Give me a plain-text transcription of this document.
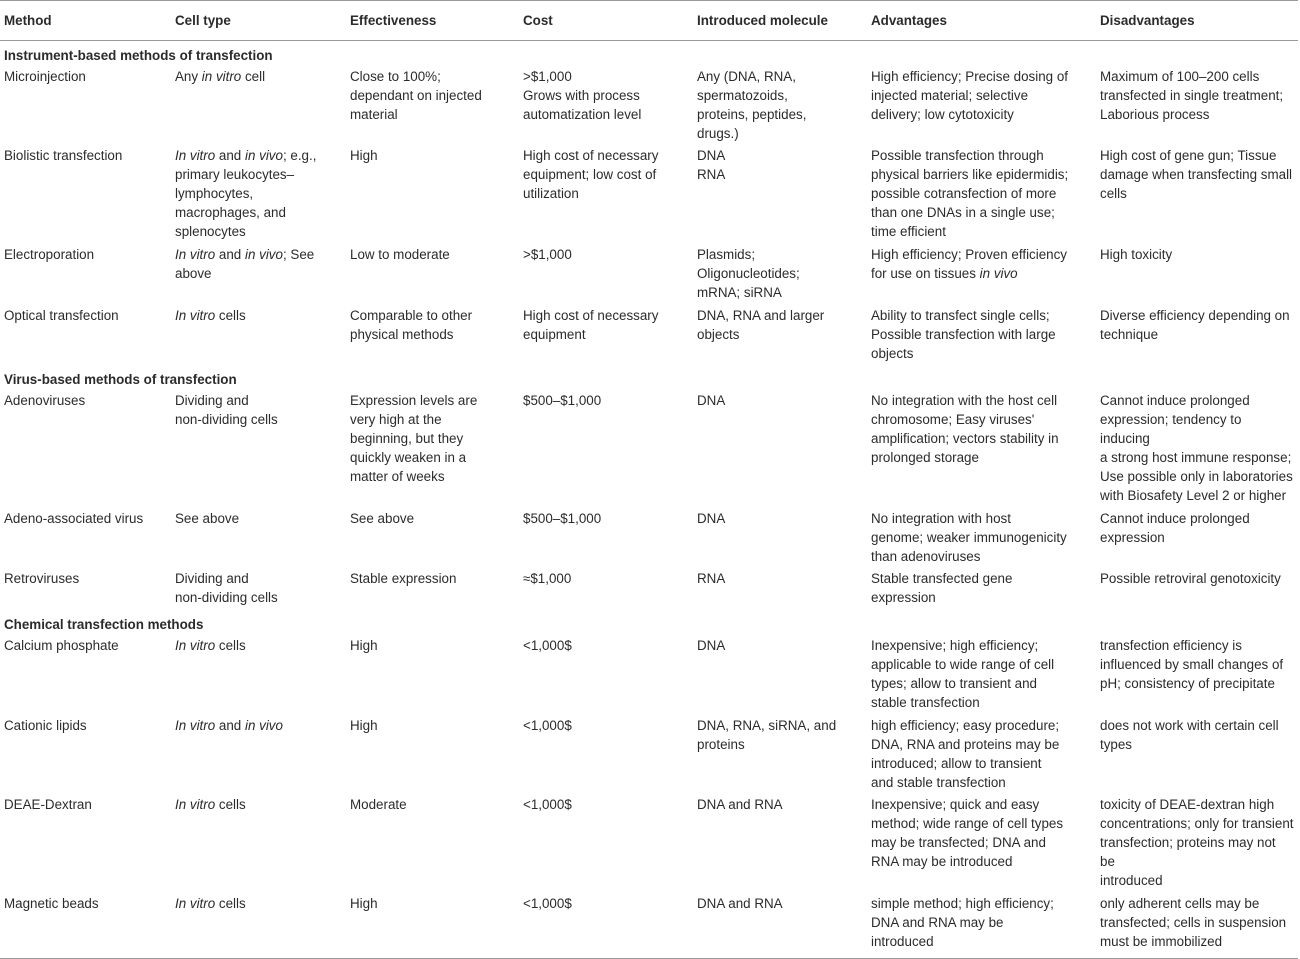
Method	Cell type	Effectiveness	Cost	Introduced molecule	Advantages	Disadvantages
Instrument-based methods of transfection						
Microinjection	Any in vitro cell	Close to 100%;
dependant on injected
material	>$1,000
Grows with process
automatization level	Any (DNA, RNA,
spermatozoids,
proteins, peptides,
drugs.)	High efficiency; Precise dosing of
injected material; selective
delivery; low cytotoxicity	Maximum of 100–200 cells
transfected in single treatment;
Laborious process
Biolistic transfection	In vitro and in vivo; e.g.,
primary leukocytes–
lymphocytes,
macrophages, and
splenocytes	High	High cost of necessary
equipment; low cost of
utilization	DNA
RNA	Possible transfection through
physical barriers like epidermidis;
possible cotransfection of more
than one DNAs in a single use;
time efficient	High cost of gene gun; Tissue
damage when transfecting small
cells
Electroporation	In vitro and in vivo; See
above	Low to moderate	>$1,000	Plasmids;
Oligonucleotides;
mRNA; siRNA	High efficiency; Proven efficiency
for use on tissues in vivo	High toxicity
Optical transfection	In vitro cells	Comparable to other
physical methods	High cost of necessary
equipment	DNA, RNA and larger
objects	Ability to transfect single cells;
Possible transfection with large
objects	Diverse efficiency depending on
technique
Virus-based methods of transfection						
Adenoviruses	Dividing and
non-dividing cells	Expression levels are
very high at the
beginning, but they
quickly weaken in a
matter of weeks	$500–$1,000	DNA	No integration with the host cell
chromosome; Easy viruses'
amplification; vectors stability in
prolonged storage	Cannot induce prolonged
expression; tendency to inducing
a strong host immune response;
Use possible only in laboratories
with Biosafety Level 2 or higher
Adeno-associated virus	See above	See above	$500–$1,000	DNA	No integration with host
genome; weaker immunogenicity
than adenoviruses	Cannot induce prolonged
expression
Retroviruses	Dividing and
non-dividing cells	Stable expression	≈$1,000	RNA	Stable transfected gene
expression	Possible retroviral genotoxicity
Chemical transfection methods						
Calcium phosphate	In vitro cells	High	<1,000$	DNA	Inexpensive; high efficiency;
applicable to wide range of cell
types; allow to transient and
stable transfection	transfection efficiency is
influenced by small changes of
pH; consistency of precipitate
Cationic lipids	In vitro and in vivo	High	<1,000$	DNA, RNA, siRNA, and
proteins	high efficiency; easy procedure;
DNA, RNA and proteins may be
introduced; allow to transient
and stable transfection	does not work with certain cell
types
DEAE-Dextran	In vitro cells	Moderate	<1,000$	DNA and RNA	Inexpensive; quick and easy
method; wide range of cell types
may be transfected; DNA and
RNA may be introduced	toxicity of DEAE-dextran high
concentrations; only for transient
transfection; proteins may not be
introduced
Magnetic beads	In vitro cells	High	<1,000$	DNA and RNA	simple method; high efficiency;
DNA and RNA may be
introduced	only adherent cells may be
transfected; cells in suspension
must be immobilized
